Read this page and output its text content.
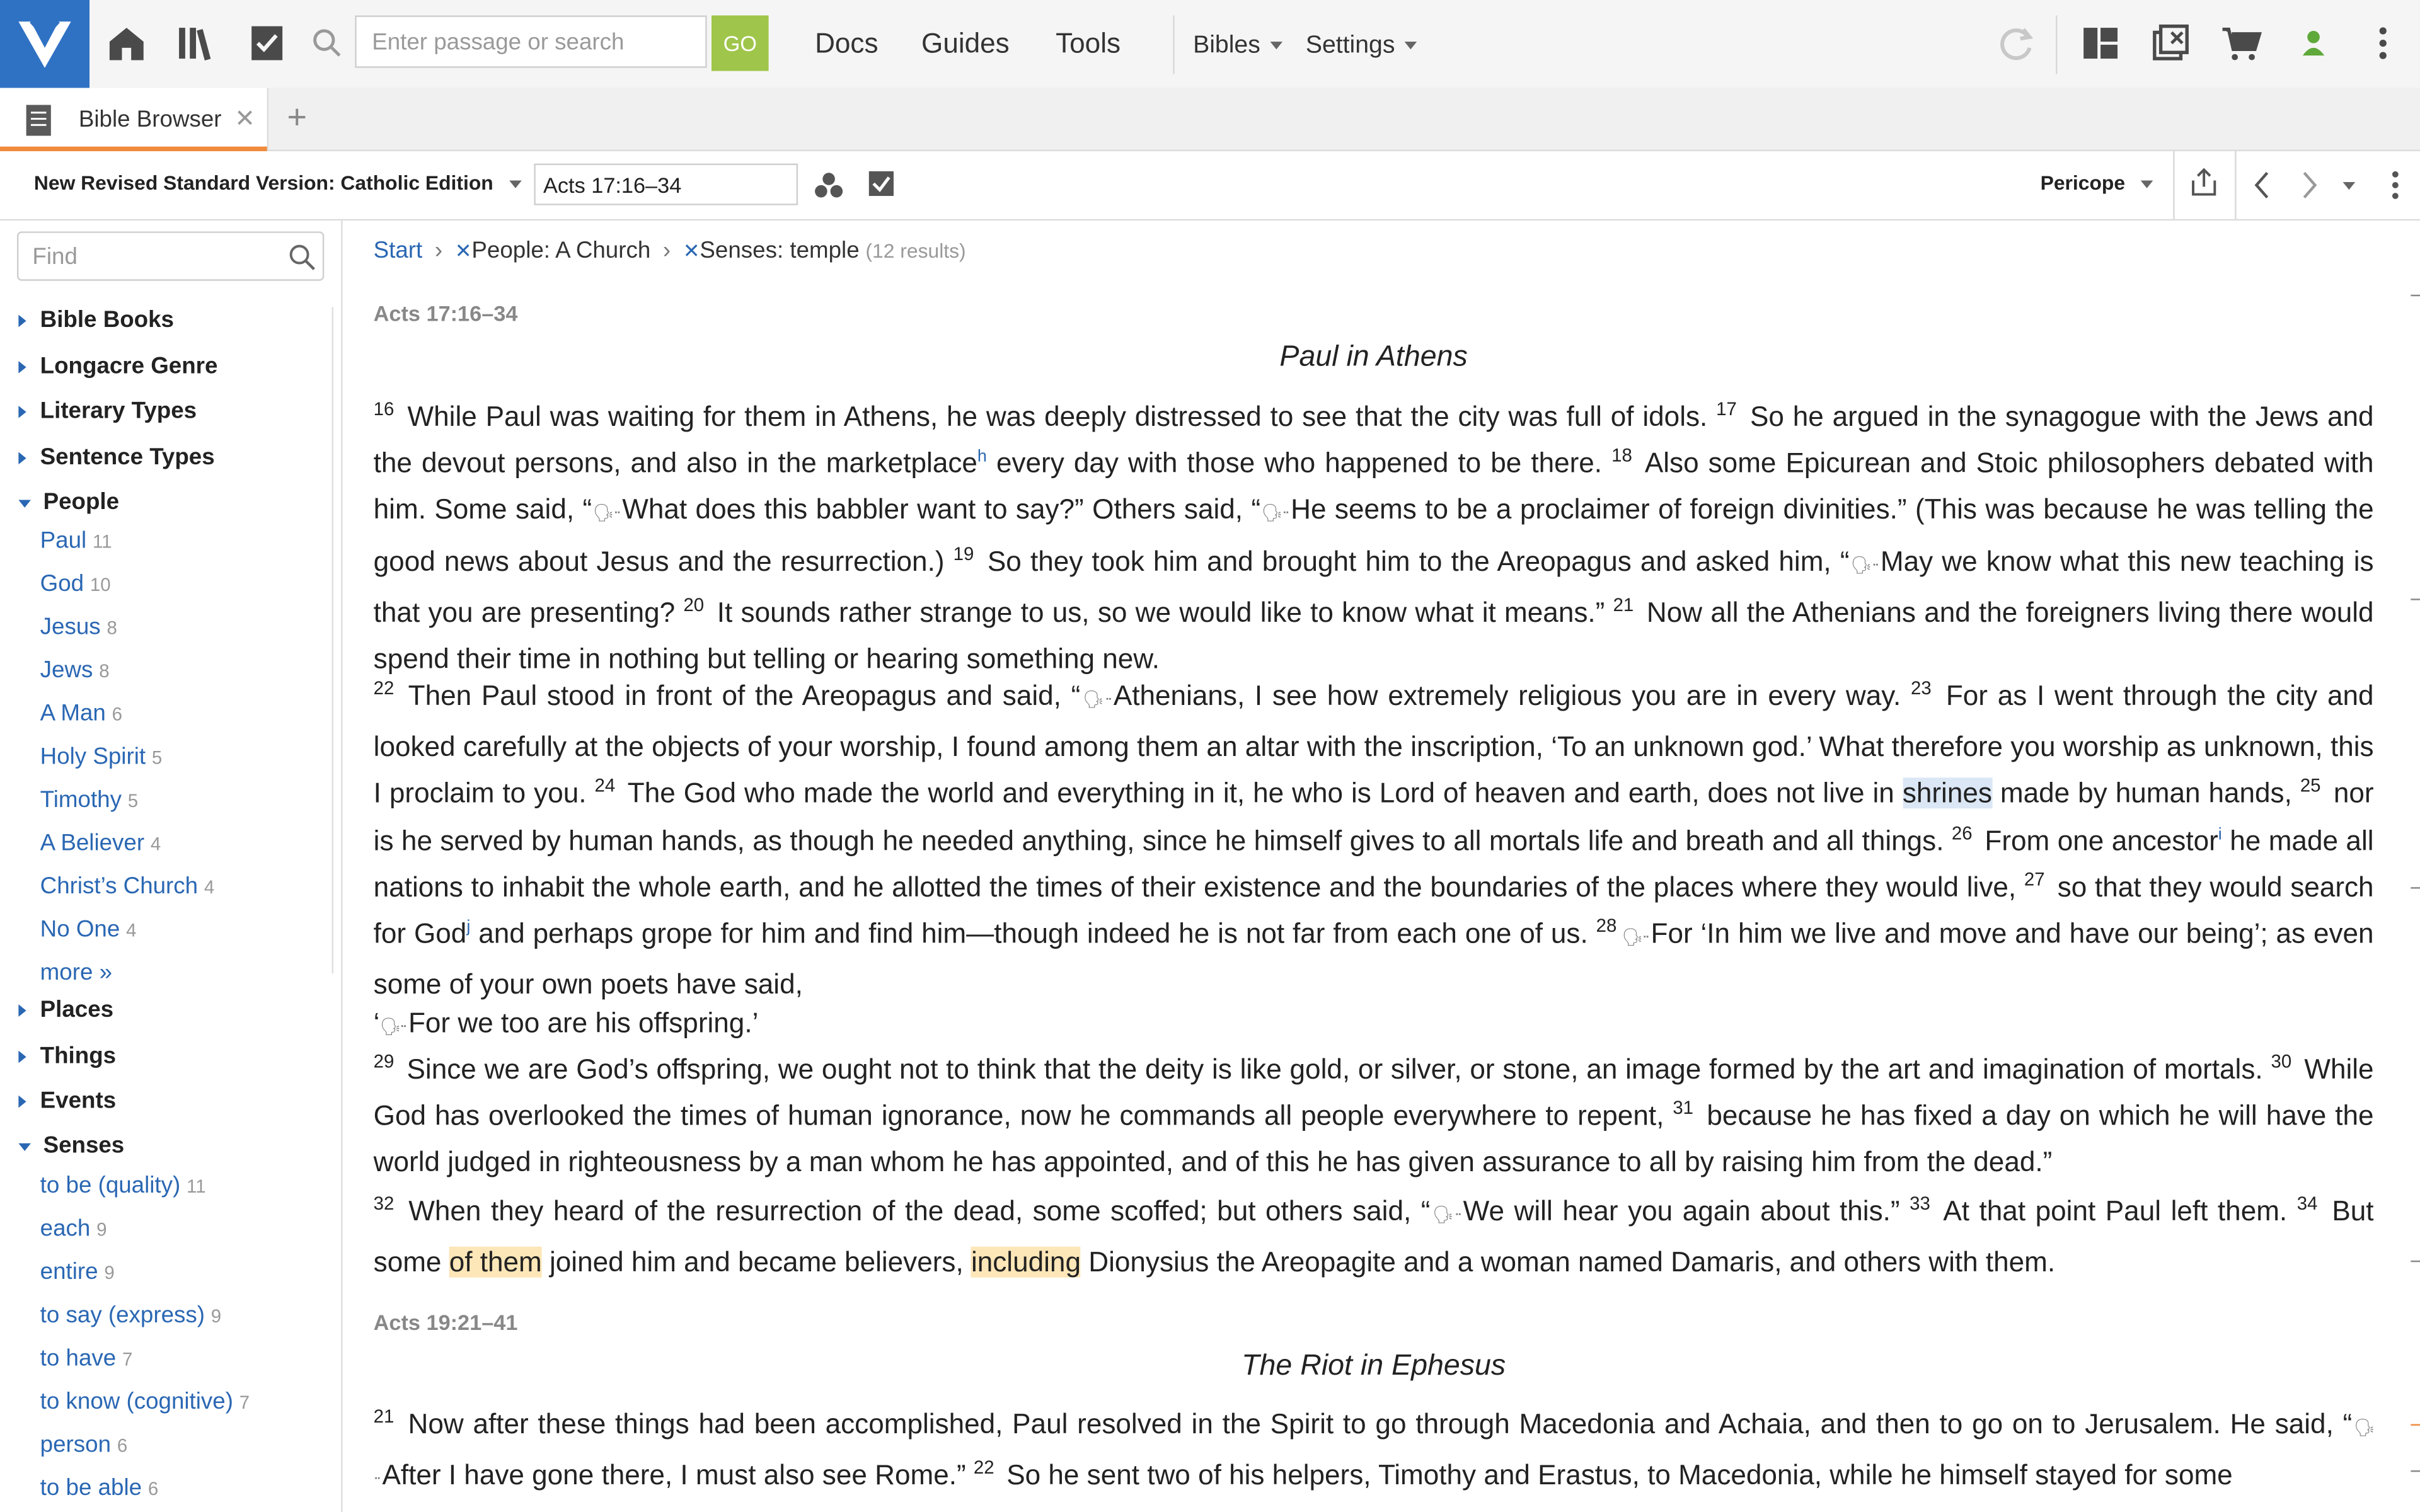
Enter passage or search	GO	Docs	Guides	Tools	Bibles	Settings
Bible Browser ✕ +
New Revised Standard Version: Catholic Edition	Acts 17:16–34	Pericope
Find
Bible Books
Longacre Genre
Literary Types
Sentence Types
People
Paul 11
God 10
Jesus 8
Jews 8
A Man 6
Holy Spirit 5
Timothy 5
A Believer 4
Christ’s Church 4
No One 4
more »
Places
Things
Events
Senses
to be (quality) 11
each 9
entire 9
to say (express) 9
to have 7
to know (cognitive) 7
person 6
to be able 6
Start › ✕People: A Church › ✕Senses: temple (12 results)
Acts 17:16–34
Paul in Athens
$^{16}$ While Paul was waiting for them in Athens, he was deeply distressed to see that the city was full of idols. $^{17}$ So he argued in the synagogue with the Jews and the devout persons, and also in the marketplace$^h$ every day with those who happened to be there. $^{18}$ Also some Epicurean and Stoic philosophers debated with him. Some said, “🗣ᐧᐧ What does this babbler want to say?” Others said, “🗣ᐧᐧ He seems to be a proclaimer of foreign divinities.” (This was because he was telling the good news about Jesus and the resurrection.) $^{19}$ So they took him and brought him to the Areopagus and asked him, “🗣ᐧᐧ May we know what this new teaching is that you are presenting? $^{20}$ It sounds rather strange to us, so we would like to know what it means.” $^{21}$ Now all the Athenians and the foreigners living there would spend their time in nothing but telling or hearing something new.
$^{22}$ Then Paul stood in front of the Areopagus and said, “🗣ᐧᐧ Athenians, I see how extremely religious you are in every way. $^{23}$ For as I went through the city and looked carefully at the objects of your worship, I found among them an altar with the inscription, ‘To an unknown god.’ What therefore you worship as unknown, this I proclaim to you. $^{24}$ The God who made the world and everything in it, he who is Lord of heaven and earth, does not live in shrines made by human hands, $^{25}$ nor is he served by human hands, as though he needed anything, since he himself gives to all mortals life and breath and all things. $^{26}$ From one ancestor$^i$ he made all nations to inhabit the whole earth, and he allotted the times of their existence and the boundaries of the places where they would live, $^{27}$ so that they would search for God$^j$ and perhaps grope for him and find him—though indeed he is not far from each one of us. $^{28}$🗣ᐧᐧ For ‘In him we live and move and have our being’; as even some of your own poets have said,
‘🗣ᐧᐧ For we too are his offspring.’
$^{29}$ Since we are God’s offspring, we ought not to think that the deity is like gold, or silver, or stone, an image formed by the art and imagination of mortals. $^{30}$ While God has overlooked the times of human ignorance, now he commands all people everywhere to repent, $^{31}$ because he has fixed a day on which he will have the world judged in righteousness by a man whom he has appointed, and of this he has given assurance to all by raising him from the dead.”
$^{32}$ When they heard of the resurrection of the dead, some scoffed; but others said, “🗣ᐧᐧ We will hear you again about this.” $^{33}$ At that point Paul left them. $^{34}$ But some of them joined him and became believers, including Dionysius the Areopagite and a woman named Damaris, and others with them.
Acts 19:21–41
The Riot in Ephesus
$^{21}$ Now after these things had been accomplished, Paul resolved in the Spirit to go through Macedonia and Achaia, and then to go on to Jerusalem. He said, “🗣ᐧᐧ After I have gone there, I must also see Rome.” $^{22}$ So he sent two of his helpers, Timothy and Erastus, to Macedonia, while he himself stayed for some
